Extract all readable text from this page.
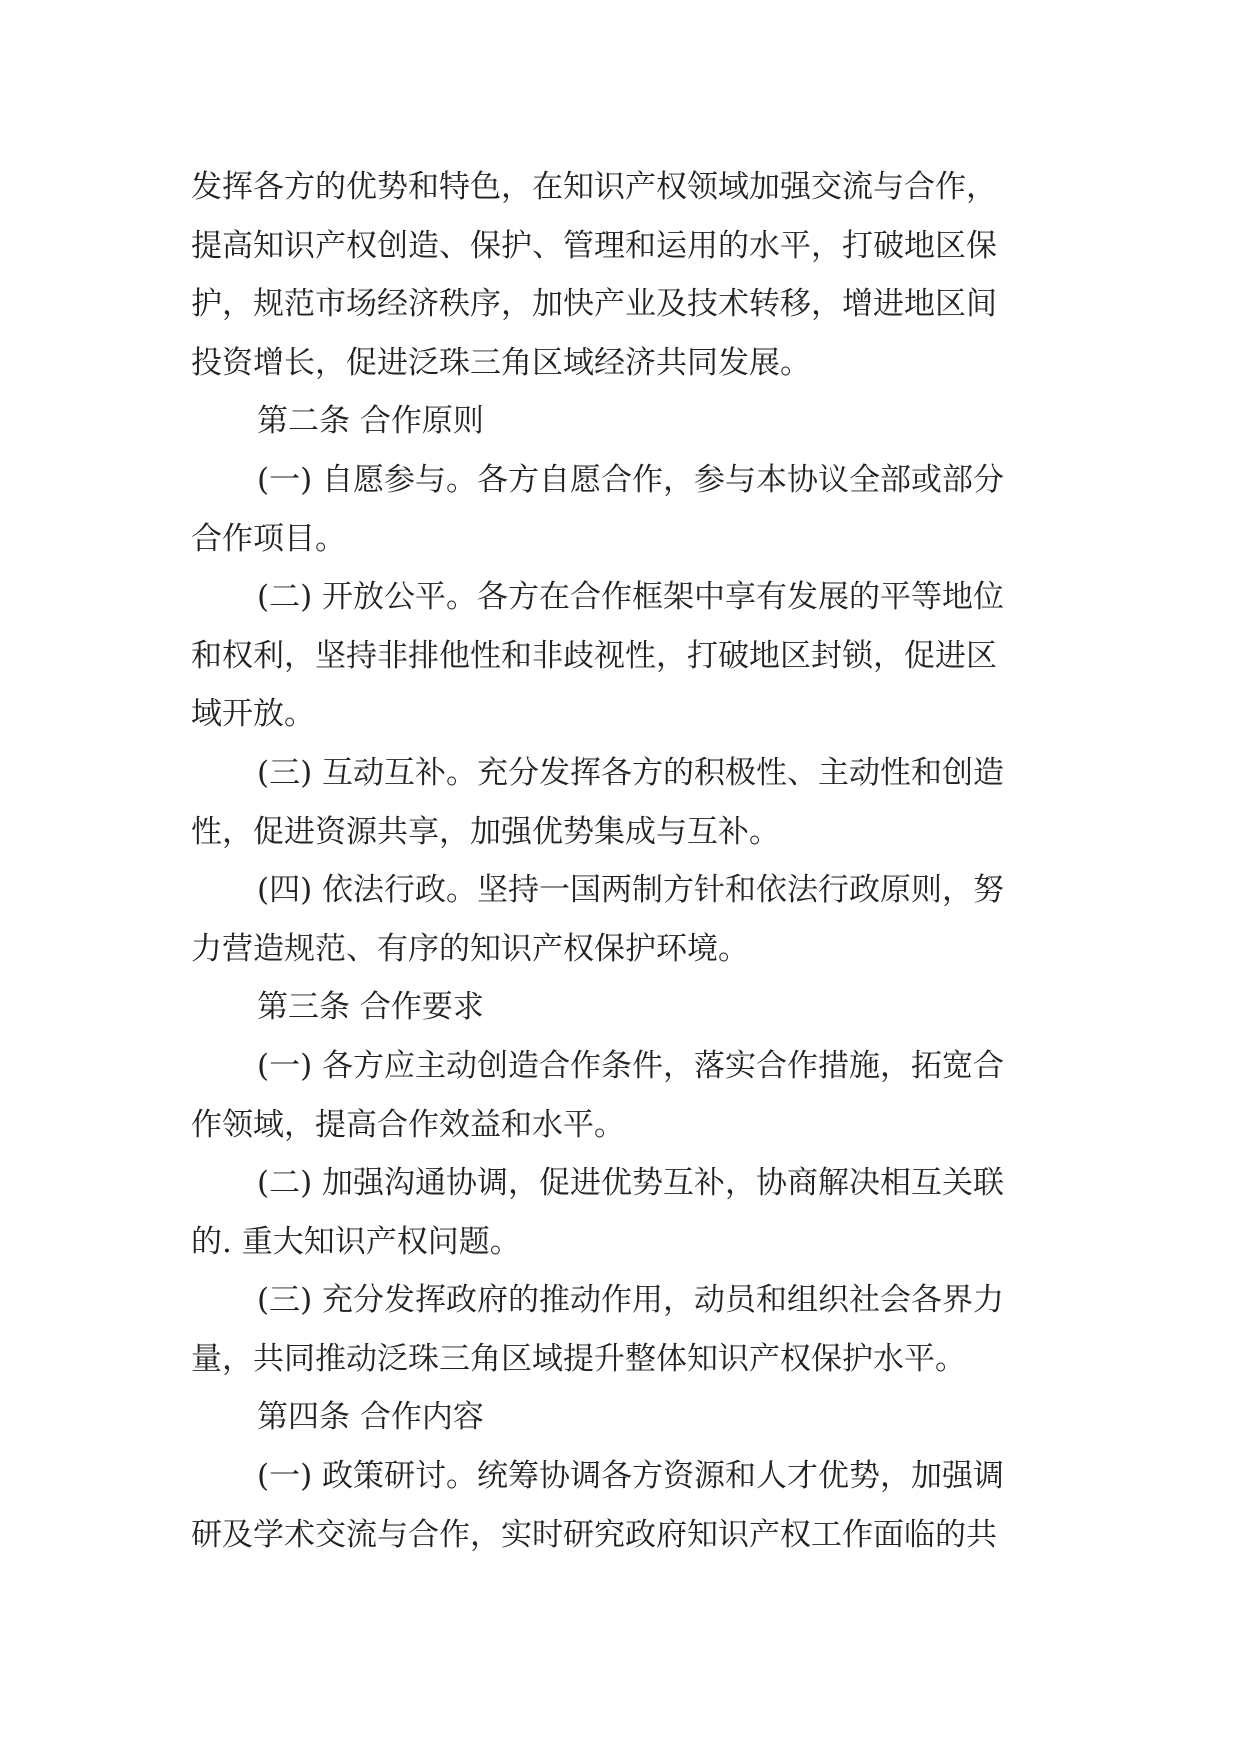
发挥各方的优势和特色，在知识产权领域加强交流与合作，
提高知识产权创造、保护、管理和运用的水平，打破地区保
护，规范市场经济秩序，加快产业及技术转移，增进地区间
投资增长，促进泛珠三角区域经济共同发展。
第二条 合作原则
(一) 自愿参与。各方自愿合作，参与本协议全部或部分
合作项目。
(二) 开放公平。各方在合作框架中享有发展的平等地位
和权利，坚持非排他性和非歧视性，打破地区封锁，促进区
域开放。
(三) 互动互补。充分发挥各方的积极性、主动性和创造
性，促进资源共享，加强优势集成与互补。
(四) 依法行政。坚持一国两制方针和依法行政原则，努
力营造规范、有序的知识产权保护环境。
第三条 合作要求
(一) 各方应主动创造合作条件，落实合作措施，拓宽合
作领域，提高合作效益和水平。
(二) 加强沟通协调，促进优势互补，协商解决相互关联
的. 重大知识产权问题。
(三) 充分发挥政府的推动作用，动员和组织社会各界力
量，共同推动泛珠三角区域提升整体知识产权保护水平。
第四条 合作内容
(一) 政策研讨。统筹协调各方资源和人才优势，加强调
研及学术交流与合作，实时研究政府知识产权工作面临的共
